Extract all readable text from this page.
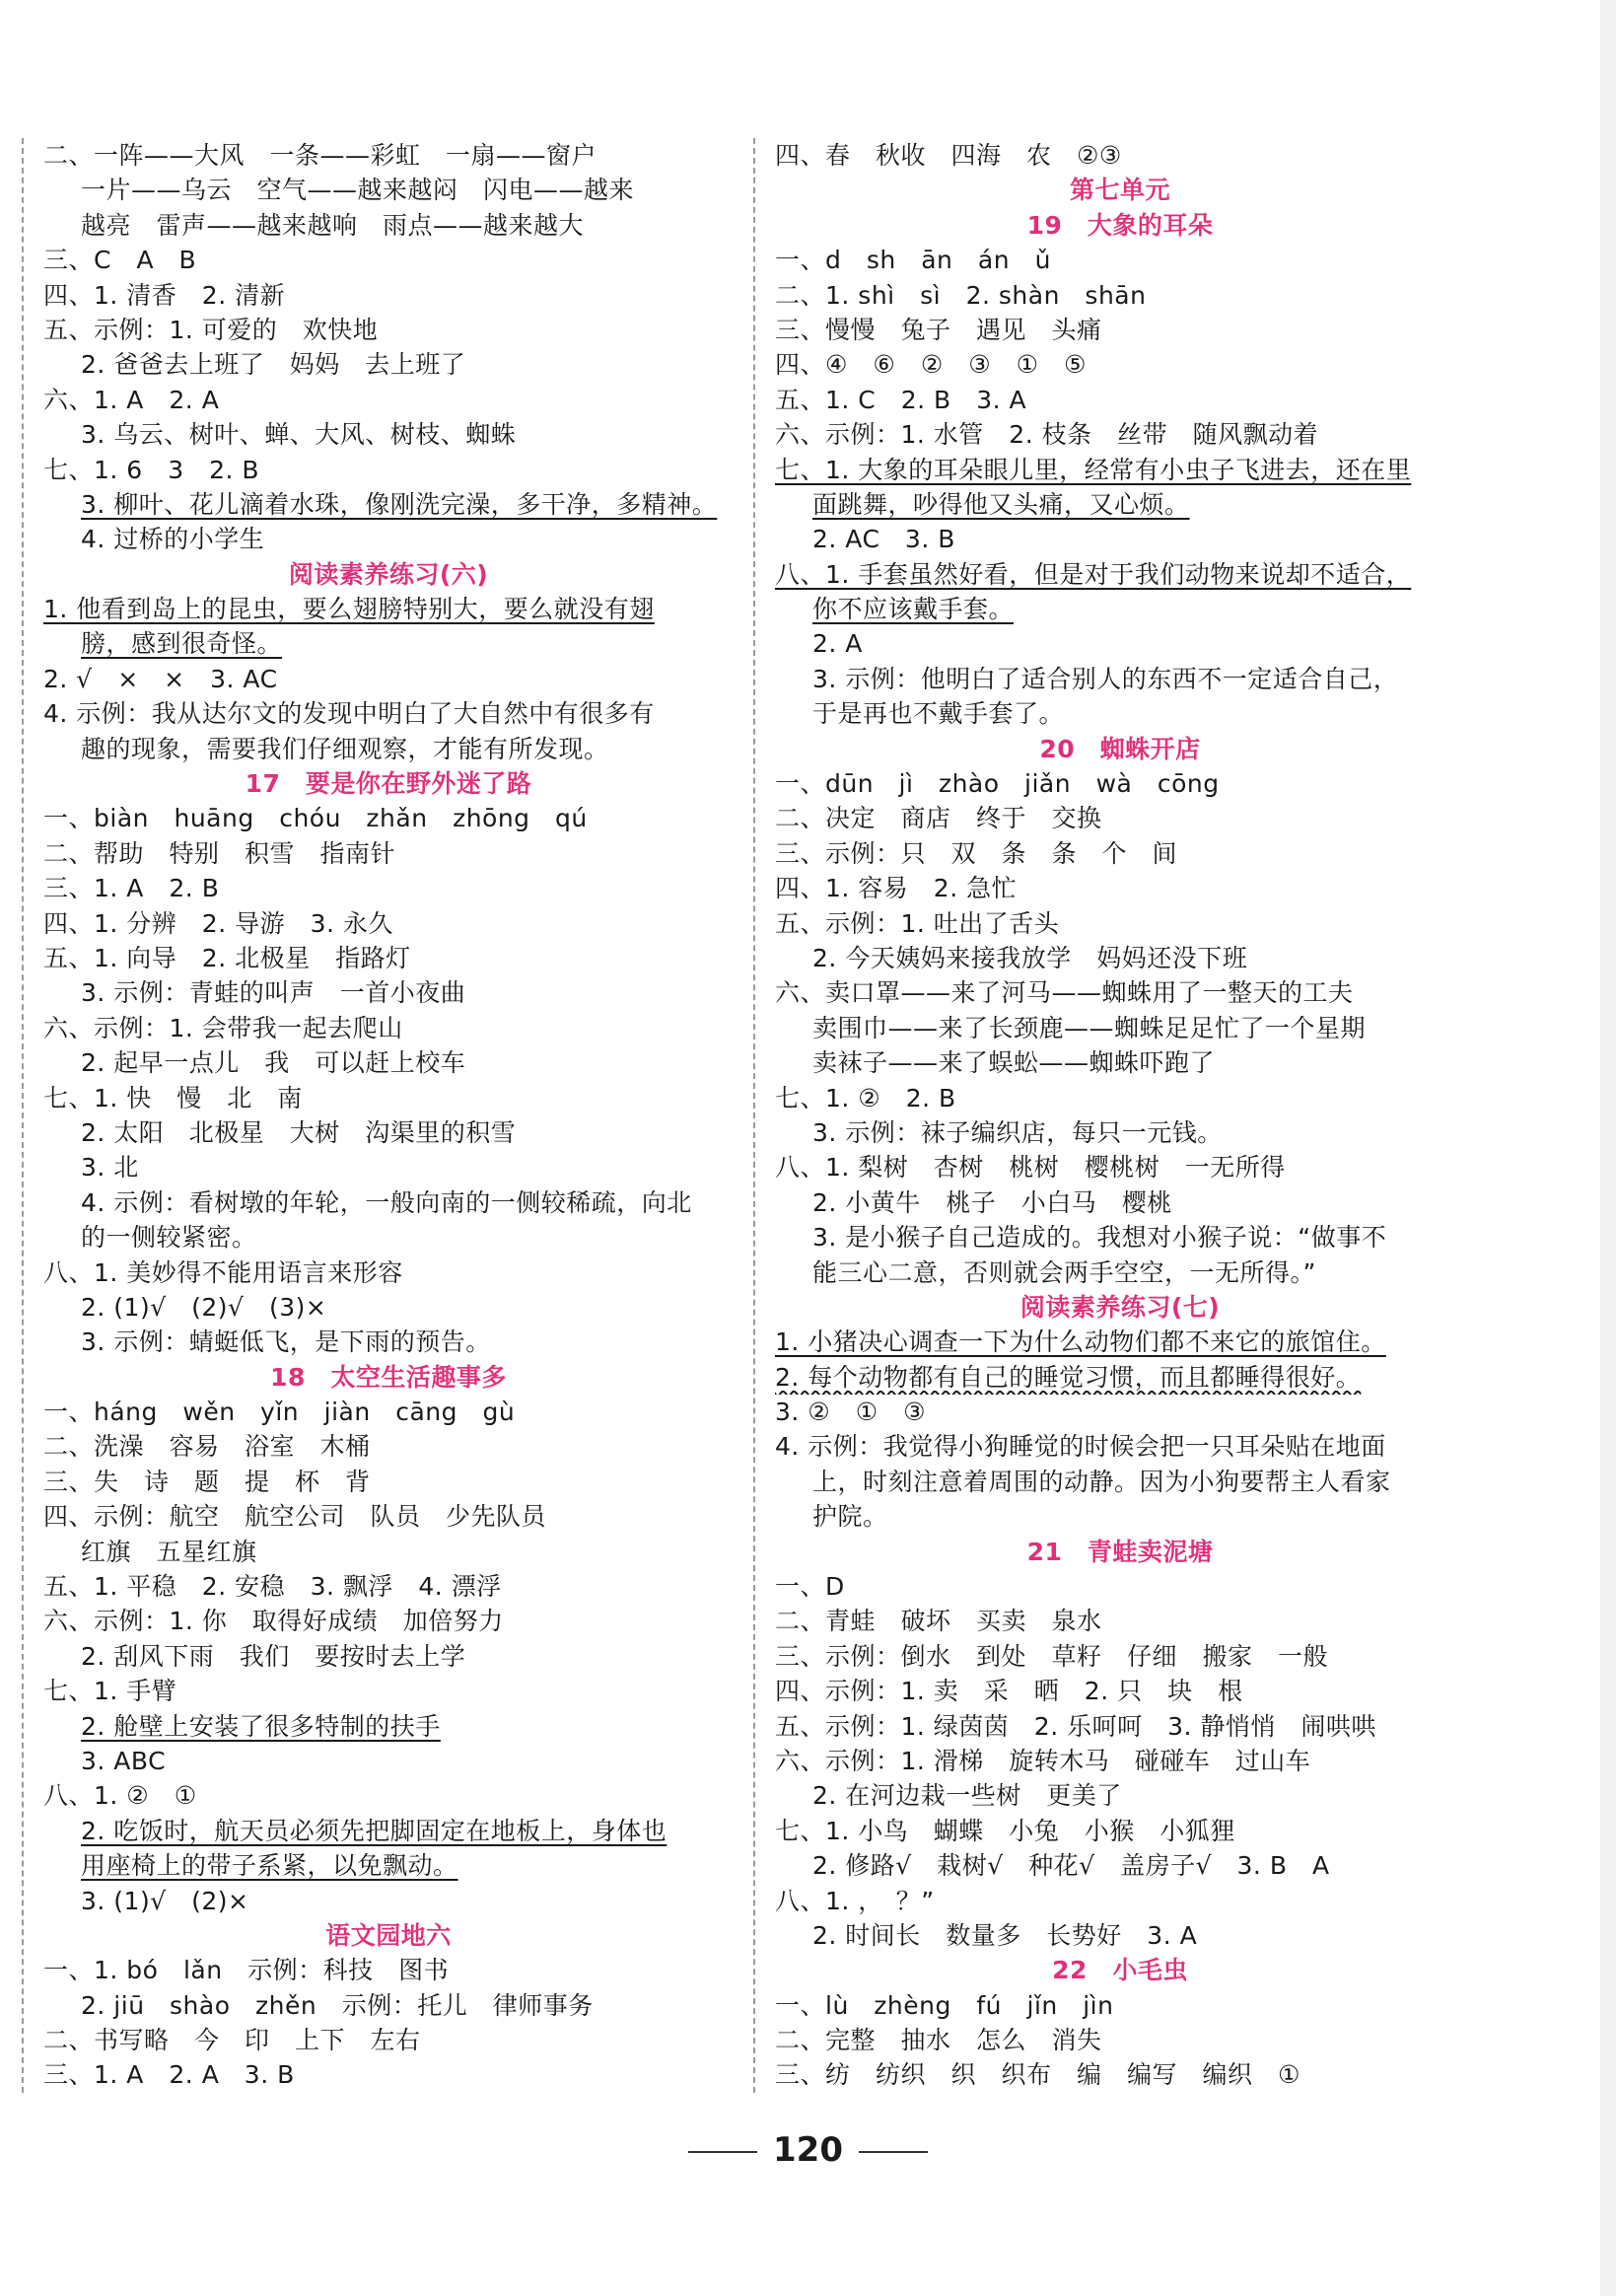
二、一阵——大风　一条——彩虹　一扇——窗户
一片——乌云　空气——越来越闷　闪电——越来
越亮　雷声——越来越响　雨点——越来越大
三、C　A　B
四、1. 清香　2. 清新
五、示例：1. 可爱的　欢快地
2. 爸爸去上班了　妈妈　去上班了
六、1. A　2. A
3. 乌云、树叶、蝉、大风、树枝、蜘蛛
七、1. 6　3　2. B
3. 柳叶、花儿滴着水珠，像刚洗完澡，多干净，多精神。
4. 过桥的小学生
阅读素养练习(六)
1. 他看到岛上的昆虫，要么翅膀特别大，要么就没有翅
膀，感到很奇怪。
2. √　×　×　3. AC
4. 示例：我从达尔文的发现中明白了大自然中有很多有
趣的现象，需要我们仔细观察，才能有所发现。
17　要是你在野外迷了路
一、biàn　huāng　chóu　zhǎn　zhōng　qú
二、帮助　特别　积雪　指南针
三、1. A　2. B
四、1. 分辨　2. 导游　3. 永久
五、1. 向导　2. 北极星　指路灯
3. 示例：青蛙的叫声　一首小夜曲
六、示例：1. 会带我一起去爬山
2. 起早一点儿　我　可以赶上校车
七、1. 快　慢　北　南
2. 太阳　北极星　大树　沟渠里的积雪
3. 北
4. 示例：看树墩的年轮，一般向南的一侧较稀疏，向北
的一侧较紧密。
八、1. 美妙得不能用语言来形容
2. (1)√　(2)√　(3)×
3. 示例：蜻蜓低飞，是下雨的预告。
18　太空生活趣事多
一、háng　wěn　yǐn　jiàn　cāng　gù
二、洗澡　容易　浴室　木桶
三、失　诗　题　提　杯　背
四、示例：航空　航空公司　队员　少先队员
红旗　五星红旗
五、1. 平稳　2. 安稳　3. 飘浮　4. 漂浮
六、示例：1. 你　取得好成绩　加倍努力
2. 刮风下雨　我们　要按时去上学
七、1. 手臂
2. 舱壁上安装了很多特制的扶手
3. ABC
八、1. ②　①
2. 吃饭时，航天员必须先把脚固定在地板上，身体也
用座椅上的带子系紧，以免飘动。
3. (1)√　(2)×
语文园地六
一、1. bó　lǎn　示例：科技　图书
2. jiū　shào　zhěn　示例：托儿　律师事务
二、书写略　今　印　上下　左右
三、1. A　2. A　3. B
四、春　秋收　四海　农　②③
第七单元
19　大象的耳朵
一、d　sh　ān　án　ǔ
二、1. shì　sì　2. shàn　shān
三、慢慢　兔子　遇见　头痛
四、④　⑥　②　③　①　⑤
五、1. C　2. B　3. A
六、示例：1. 水管　2. 枝条　丝带　随风飘动着
七、1. 大象的耳朵眼儿里，经常有小虫子飞进去，还在里
面跳舞，吵得他又头痛，又心烦。
2. AC　3. B
八、1. 手套虽然好看，但是对于我们动物来说却不适合，
你不应该戴手套。
2. A
3. 示例：他明白了适合别人的东西不一定适合自己，
于是再也不戴手套了。
20　蜘蛛开店
一、dūn　jì　zhào　jiǎn　wà　cōng
二、决定　商店　终于　交换
三、示例：只　双　条　条　个　间
四、1. 容易　2. 急忙
五、示例：1. 吐出了舌头
2. 今天姨妈来接我放学　妈妈还没下班
六、卖口罩——来了河马——蜘蛛用了一整天的工夫
卖围巾——来了长颈鹿——蜘蛛足足忙了一个星期
卖袜子——来了蜈蚣——蜘蛛吓跑了
七、1. ②　2. B
3. 示例：袜子编织店，每只一元钱。
八、1. 梨树　杏树　桃树　樱桃树　一无所得
2. 小黄牛　桃子　小白马　樱桃
3. 是小猴子自己造成的。我想对小猴子说：“做事不
能三心二意，否则就会两手空空，一无所得。”
阅读素养练习(七)
1. 小猪决心调查一下为什么动物们都不来它的旅馆住。
2. 每个动物都有自己的睡觉习惯，而且都睡得很好。
3. ②　①　③
4. 示例：我觉得小狗睡觉的时候会把一只耳朵贴在地面
上，时刻注意着周围的动静。因为小狗要帮主人看家
护院。
21　青蛙卖泥塘
一、D
二、青蛙　破坏　买卖　泉水
三、示例：倒水　到处　草籽　仔细　搬家　一般
四、示例：1. 卖　采　晒　2. 只　块　根
五、示例：1. 绿茵茵　2. 乐呵呵　3. 静悄悄　闹哄哄
六、示例：1. 滑梯　旋转木马　碰碰车　过山车
2. 在河边栽一些树　更美了
七、1. 小鸟　蝴蝶　小兔　小猴　小狐狸
2. 修路√　栽树√　种花√　盖房子√　3. B　A
八、1. ，　？”
2. 时间长　数量多　长势好　3. A
22　小毛虫
一、lù　zhèng　fú　jǐn　jìn
二、完整　抽水　怎么　消失
三、纺　纺织　织　织布　编　编写　编织　①
120
